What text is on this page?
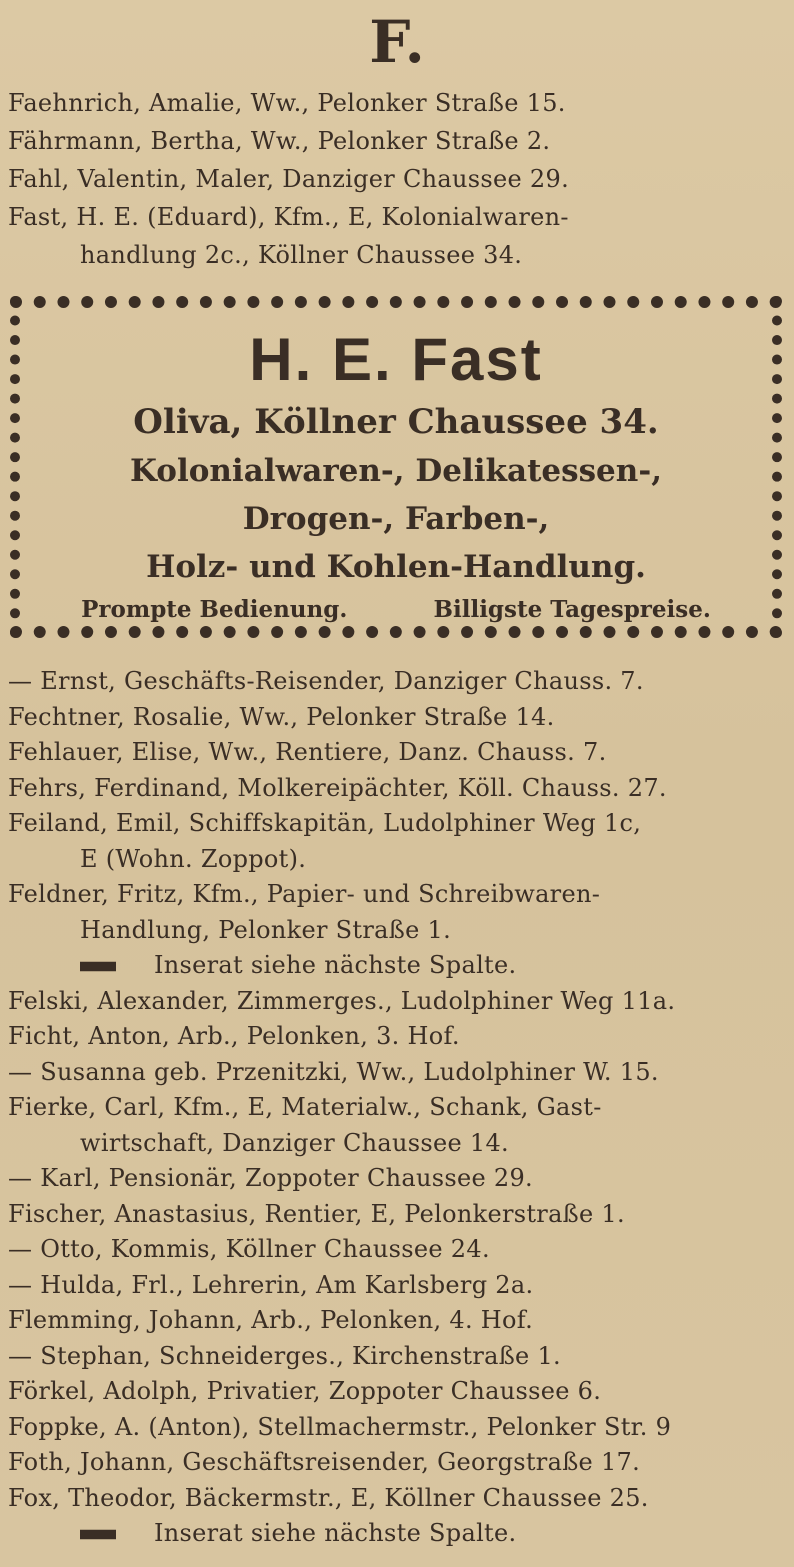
F.
Faehnrich, Amalie, Ww., Pelonker Straße 15.
Fährmann, Bertha, Ww., Pelonker Straße 2.
Fahl, Valentin, Maler, Danziger Chaussee 29.
Fast, H. E. (Eduard), Kfm., E, Kolonialwaren-
handlung 2c., Köllner Chaussee 34.
H. E. Fast
Oliva, Köllner Chaussee 34.
Kolonialwaren-, Delikatessen-,
Drogen-, Farben-,
Holz- und Kohlen-Handlung.
Prompte Bedienung.	Billigste Tagespreise.
— Ernst, Geschäfts-Reisender, Danziger Chauss. 7.
Fechtner, Rosalie, Ww., Pelonker Straße 14.
Fehlauer, Elise, Ww., Rentiere, Danz. Chauss. 7.
Fehrs, Ferdinand, Molkereipächter, Köll. Chauss. 27.
Feiland, Emil, Schiffskapitän, Ludolphiner Weg 1c,
E (Wohn. Zoppot).
Feldner, Fritz, Kfm., Papier- und Schreibwaren-
Handlung, Pelonker Straße 1.
Inserat siehe nächste Spalte.
Felski, Alexander, Zimmerges., Ludolphiner Weg 11a.
Ficht, Anton, Arb., Pelonken, 3. Hof.
— Susanna geb. Przenitzki, Ww., Ludolphiner W. 15.
Fierke, Carl, Kfm., E, Materialw., Schank, Gast-
wirtschaft, Danziger Chaussee 14.
— Karl, Pensionär, Zoppoter Chaussee 29.
Fischer, Anastasius, Rentier, E, Pelonkerstraße 1.
— Otto, Kommis, Köllner Chaussee 24.
— Hulda, Frl., Lehrerin, Am Karlsberg 2a.
Flemming, Johann, Arb., Pelonken, 4. Hof.
— Stephan, Schneiderges., Kirchenstraße 1.
Förkel, Adolph, Privatier, Zoppoter Chaussee 6.
Foppke, A. (Anton), Stellmachermstr., Pelonker Str. 9
Foth, Johann, Geschäftsreisender, Georgstraße 17.
Fox, Theodor, Bäckermstr., E, Köllner Chaussee 25.
Inserat siehe nächste Spalte.
